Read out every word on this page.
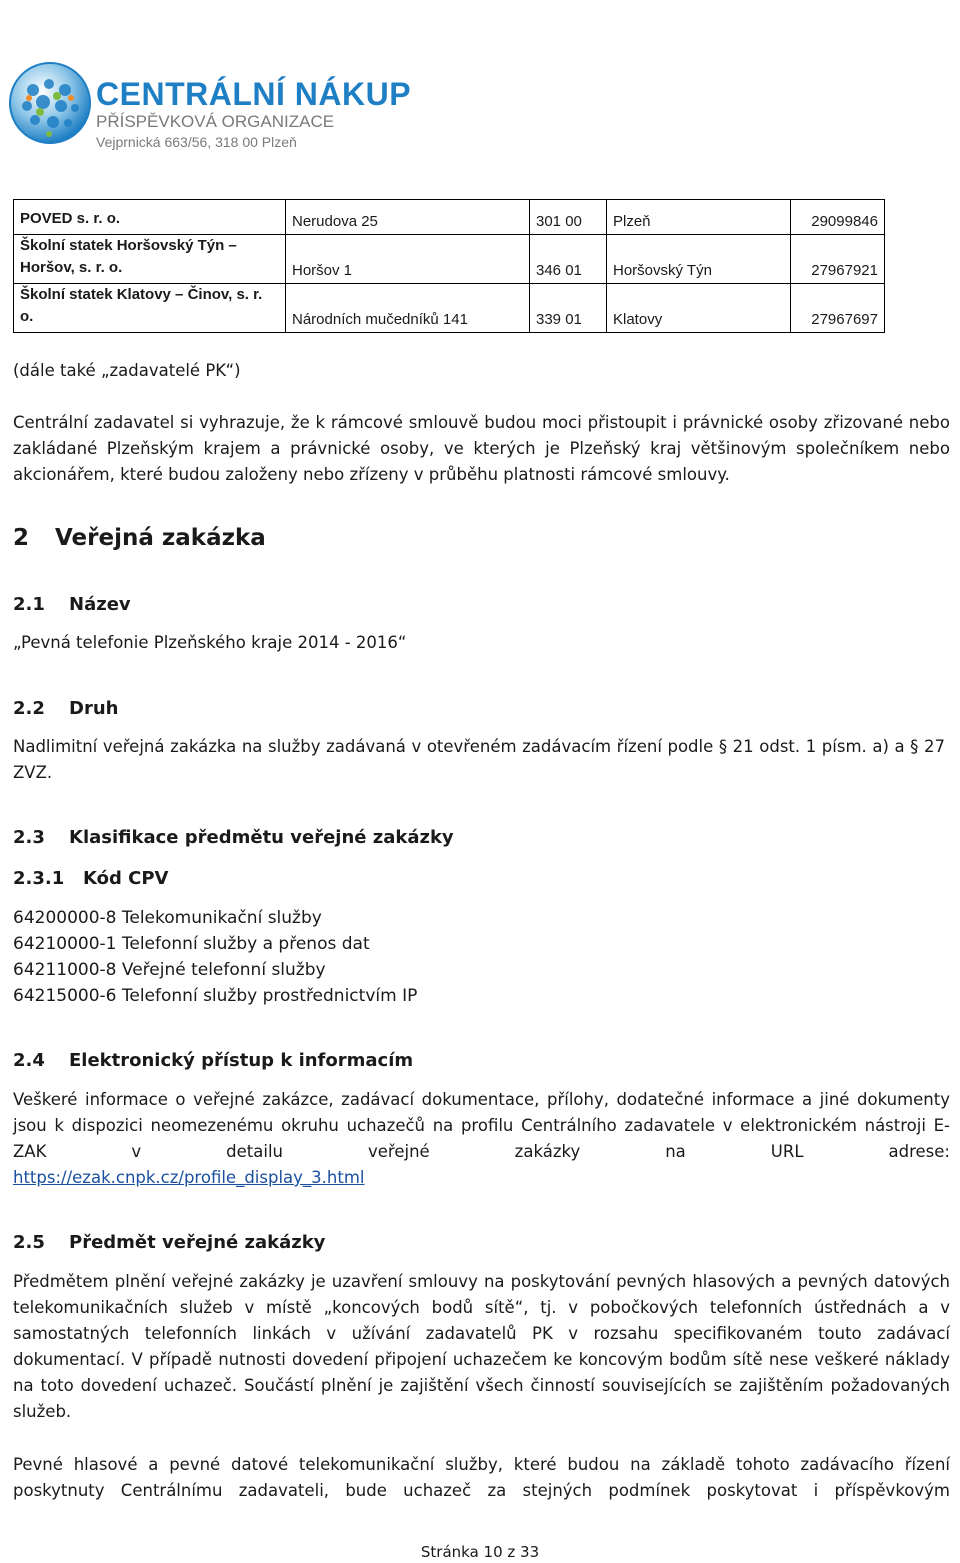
CENTRÁLNÍ NÁKUP
PŘÍSPĚVKOVÁ ORGANIZACE
Vejprnická 663/56, 318 00 Plzeň
POVED s. r. o.	Nerudova 25	301 00	Plzeň	29099846
Školní statek Horšovský Týn – Horšov, s. r. o.	Horšov 1	346 01	Horšovský Týn	27967921
Školní statek Klatovy – Činov, s. r. o.	Národních mučedníků 141	339 01	Klatovy	27967697

(dále také „zadavatelé PK“)

Centrální zadavatel si vyhrazuje, že k rámcové smlouvě budou moci přistoupit i právnické osoby zřizované nebo zakládané Plzeňským krajem a právnické osoby, ve kterých je Plzeňský kraj většinovým společníkem nebo akcionářem, které budou založeny nebo zřízeny v průběhu platnosti rámcové smlouvy.

2 Veřejná zakázka
2.1 Název

„Pevná telefonie Plzeňského kraje 2014 - 2016“

2.2 Druh

Nadlimitní veřejná zakázka na služby zadávaná v otevřeném zadávacím řízení podle § 21 odst. 1 písm. a) a § 27 ZVZ.

2.3 Klasifikace předmětu veřejné zakázky
2.3.1 Kód CPV

64200000-8 Telekomunikační služby

64210000-1 Telefonní služby a přenos dat

64211000-8 Veřejné telefonní služby

64215000-6 Telefonní služby prostřednictvím IP

2.4 Elektronický přístup k informacím

Veškeré informace o veřejné zakázce, zadávací dokumentace, přílohy, dodatečné informace a jiné dokumenty jsou k dispozici neomezenému okruhu uchazečů na profilu Centrálního zadavatele v elektronickém nástroji E-ZAK v detailu veřejné zakázky na URL adrese:

https://ezak.cnpk.cz/profile_display_3.html

2.5 Předmět veřejné zakázky

Předmětem plnění veřejné zakázky je uzavření smlouvy na poskytování pevných hlasových a pevných datových telekomunikačních služeb v místě „koncových bodů sítě“, tj. v pobočkových telefonních ústřednách a v samostatných telefonních linkách v užívání zadavatelů PK v rozsahu specifikovaném touto zadávací dokumentací. V případě nutnosti dovedení připojení uchazečem ke koncovým bodům sítě nese veškeré náklady na toto dovedení uchazeč. Součástí plnění je zajištění všech činností souvisejících se zajištěním požadovaných služeb.

Pevné hlasové a pevné datové telekomunikační služby, které budou na základě tohoto zadávacího řízení poskytnuty Centrálnímu zadavateli, bude uchazeč za stejných podmínek poskytovat i příspěvkovým

Stránka 10 z 33
